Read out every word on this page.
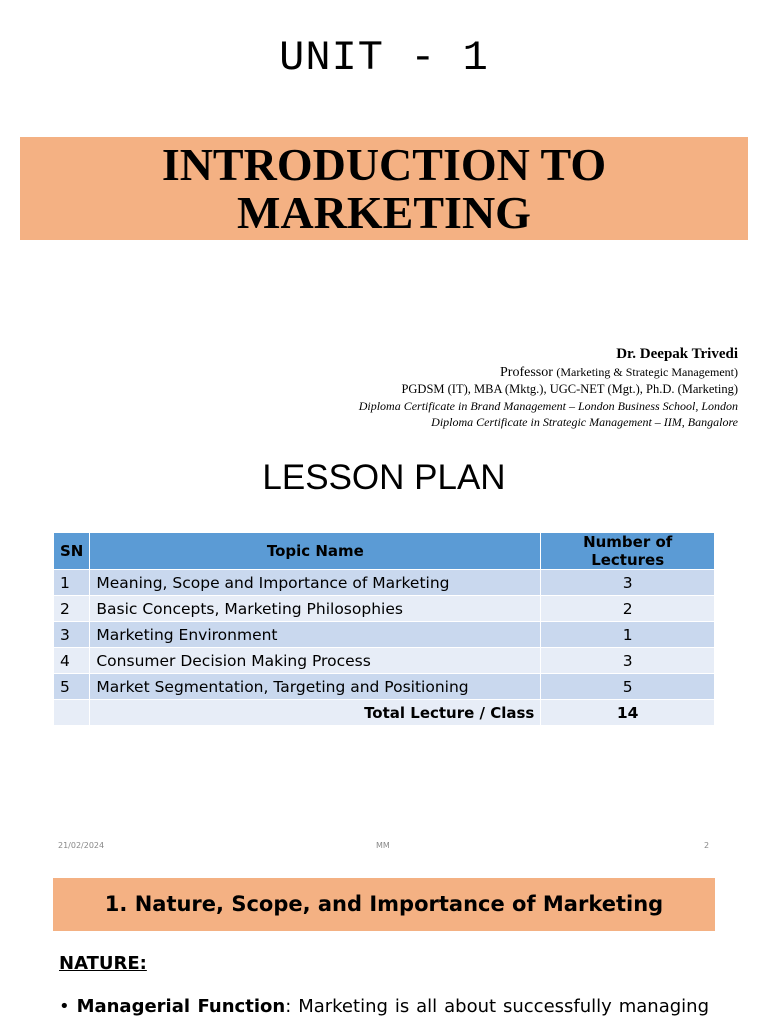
UNIT - 1
INTRODUCTION TO
MARKETING
Dr. Deepak Trivedi
Professor (Marketing & Strategic Management)
PGDSM (IT), MBA (Mktg.), UGC-NET (Mgt.), Ph.D. (Marketing)
Diploma Certificate in Brand Management – London Business School, London
Diploma Certificate in Strategic Management – IIM, Bangalore
LESSON PLAN
SN	Topic Name	Number of Lectures
1	Meaning, Scope and Importance of Marketing	3
2	Basic Concepts, Marketing Philosophies	2
3	Marketing Environment	1
4	Consumer Decision Making Process	3
5	Market Segmentation, Targeting and Positioning	5
	Total Lecture / Class	14
21/02/2024	MM	2
1. Nature, Scope, and Importance of Marketing
NATURE:
• Managerial Function: Marketing is all about successfully managing
